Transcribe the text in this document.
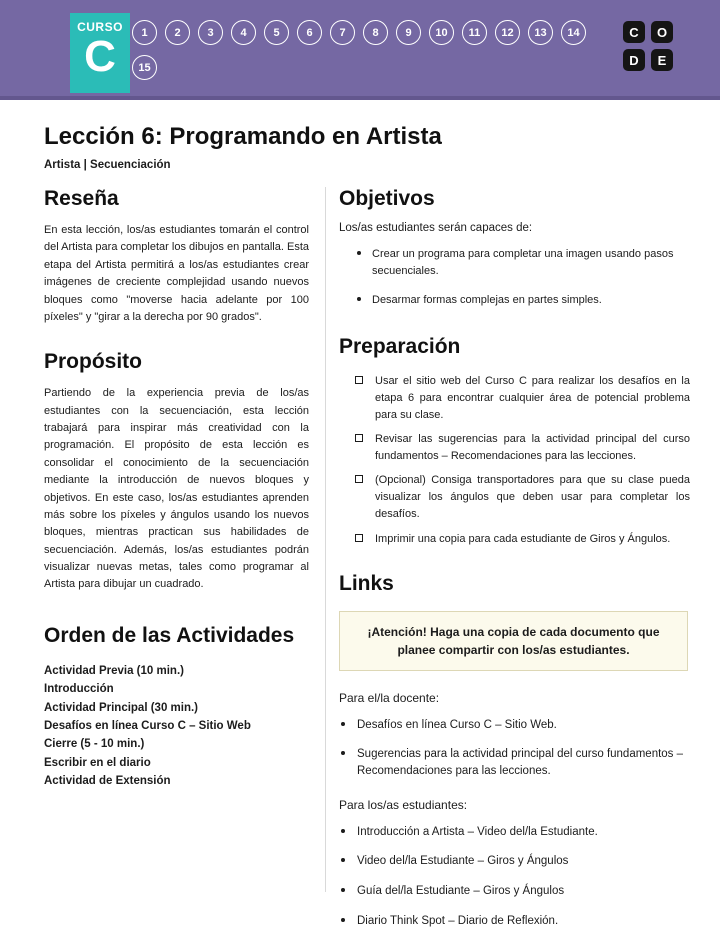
CURSO
C	1	2	3	4	5	6	7	8	9	10	11	12	13	14
15
C	O
D	E
Lección 6: Programando en Artista
Artista | Secuenciación
Reseña

En esta lección, los/as estudiantes tomarán el control del Artista para completar los dibujos en pantalla. Esta etapa del Artista permitirá a los/as estudiantes crear imágenes de creciente complejidad usando nuevos bloques como "moverse hacia adelante por 100 píxeles" y "girar a la derecha por 90 grados".

Propósito

Partiendo de la experiencia previa de los/as estudiantes con la secuenciación, esta lección trabajará para inspirar más creatividad con la programación. El propósito de esta lección es consolidar el conocimiento de la secuenciación mediante la introducción de nuevos bloques y objetivos. En este caso, los/as estudiantes aprenden más sobre los píxeles y ángulos usando los nuevos bloques, mientras practican sus habilidades de secuenciación. Además, los/as estudiantes podrán visualizar nuevas metas, tales como programar al Artista para dibujar un cuadrado.

Orden de las Actividades
Actividad Previa (10 min.)
Introducción
Actividad Principal (30 min.)
Desafíos en línea Curso C – Sitio Web
Cierre (5 - 10 min.)
Escribir en el diario
Actividad de Extensión
Objetivos

Los/as estudiantes serán capaces de:

Crear un programa para completar una imagen usando pasos secuenciales.
Desarmar formas complejas en partes simples.
Preparación
Usar el sitio web del Curso C para realizar los desafíos en la etapa 6 para encontrar cualquier área de potencial problema para su clase.
Revisar las sugerencias para la actividad principal del curso fundamentos – Recomendaciones para las lecciones.
(Opcional) Consiga transportadores para que su clase pueda visualizar los ángulos que deben usar para completar los desafíos.
Imprimir una copia para cada estudiante de Giros y Ángulos.
Links
¡Atención! Haga una copia de cada documento que planee compartir con los/as estudiantes.
Para el/la docente:
Desafíos en línea Curso C – Sitio Web.
Sugerencias para la actividad principal del curso fundamentos – Recomendaciones para las lecciones.
Para los/as estudiantes:
Introducción a Artista – Video del/la Estudiante.
Video del/la Estudiante – Giros y Ángulos
Guía del/la Estudiante – Giros y Ángulos
Diario Think Spot – Diario de Reflexión.
